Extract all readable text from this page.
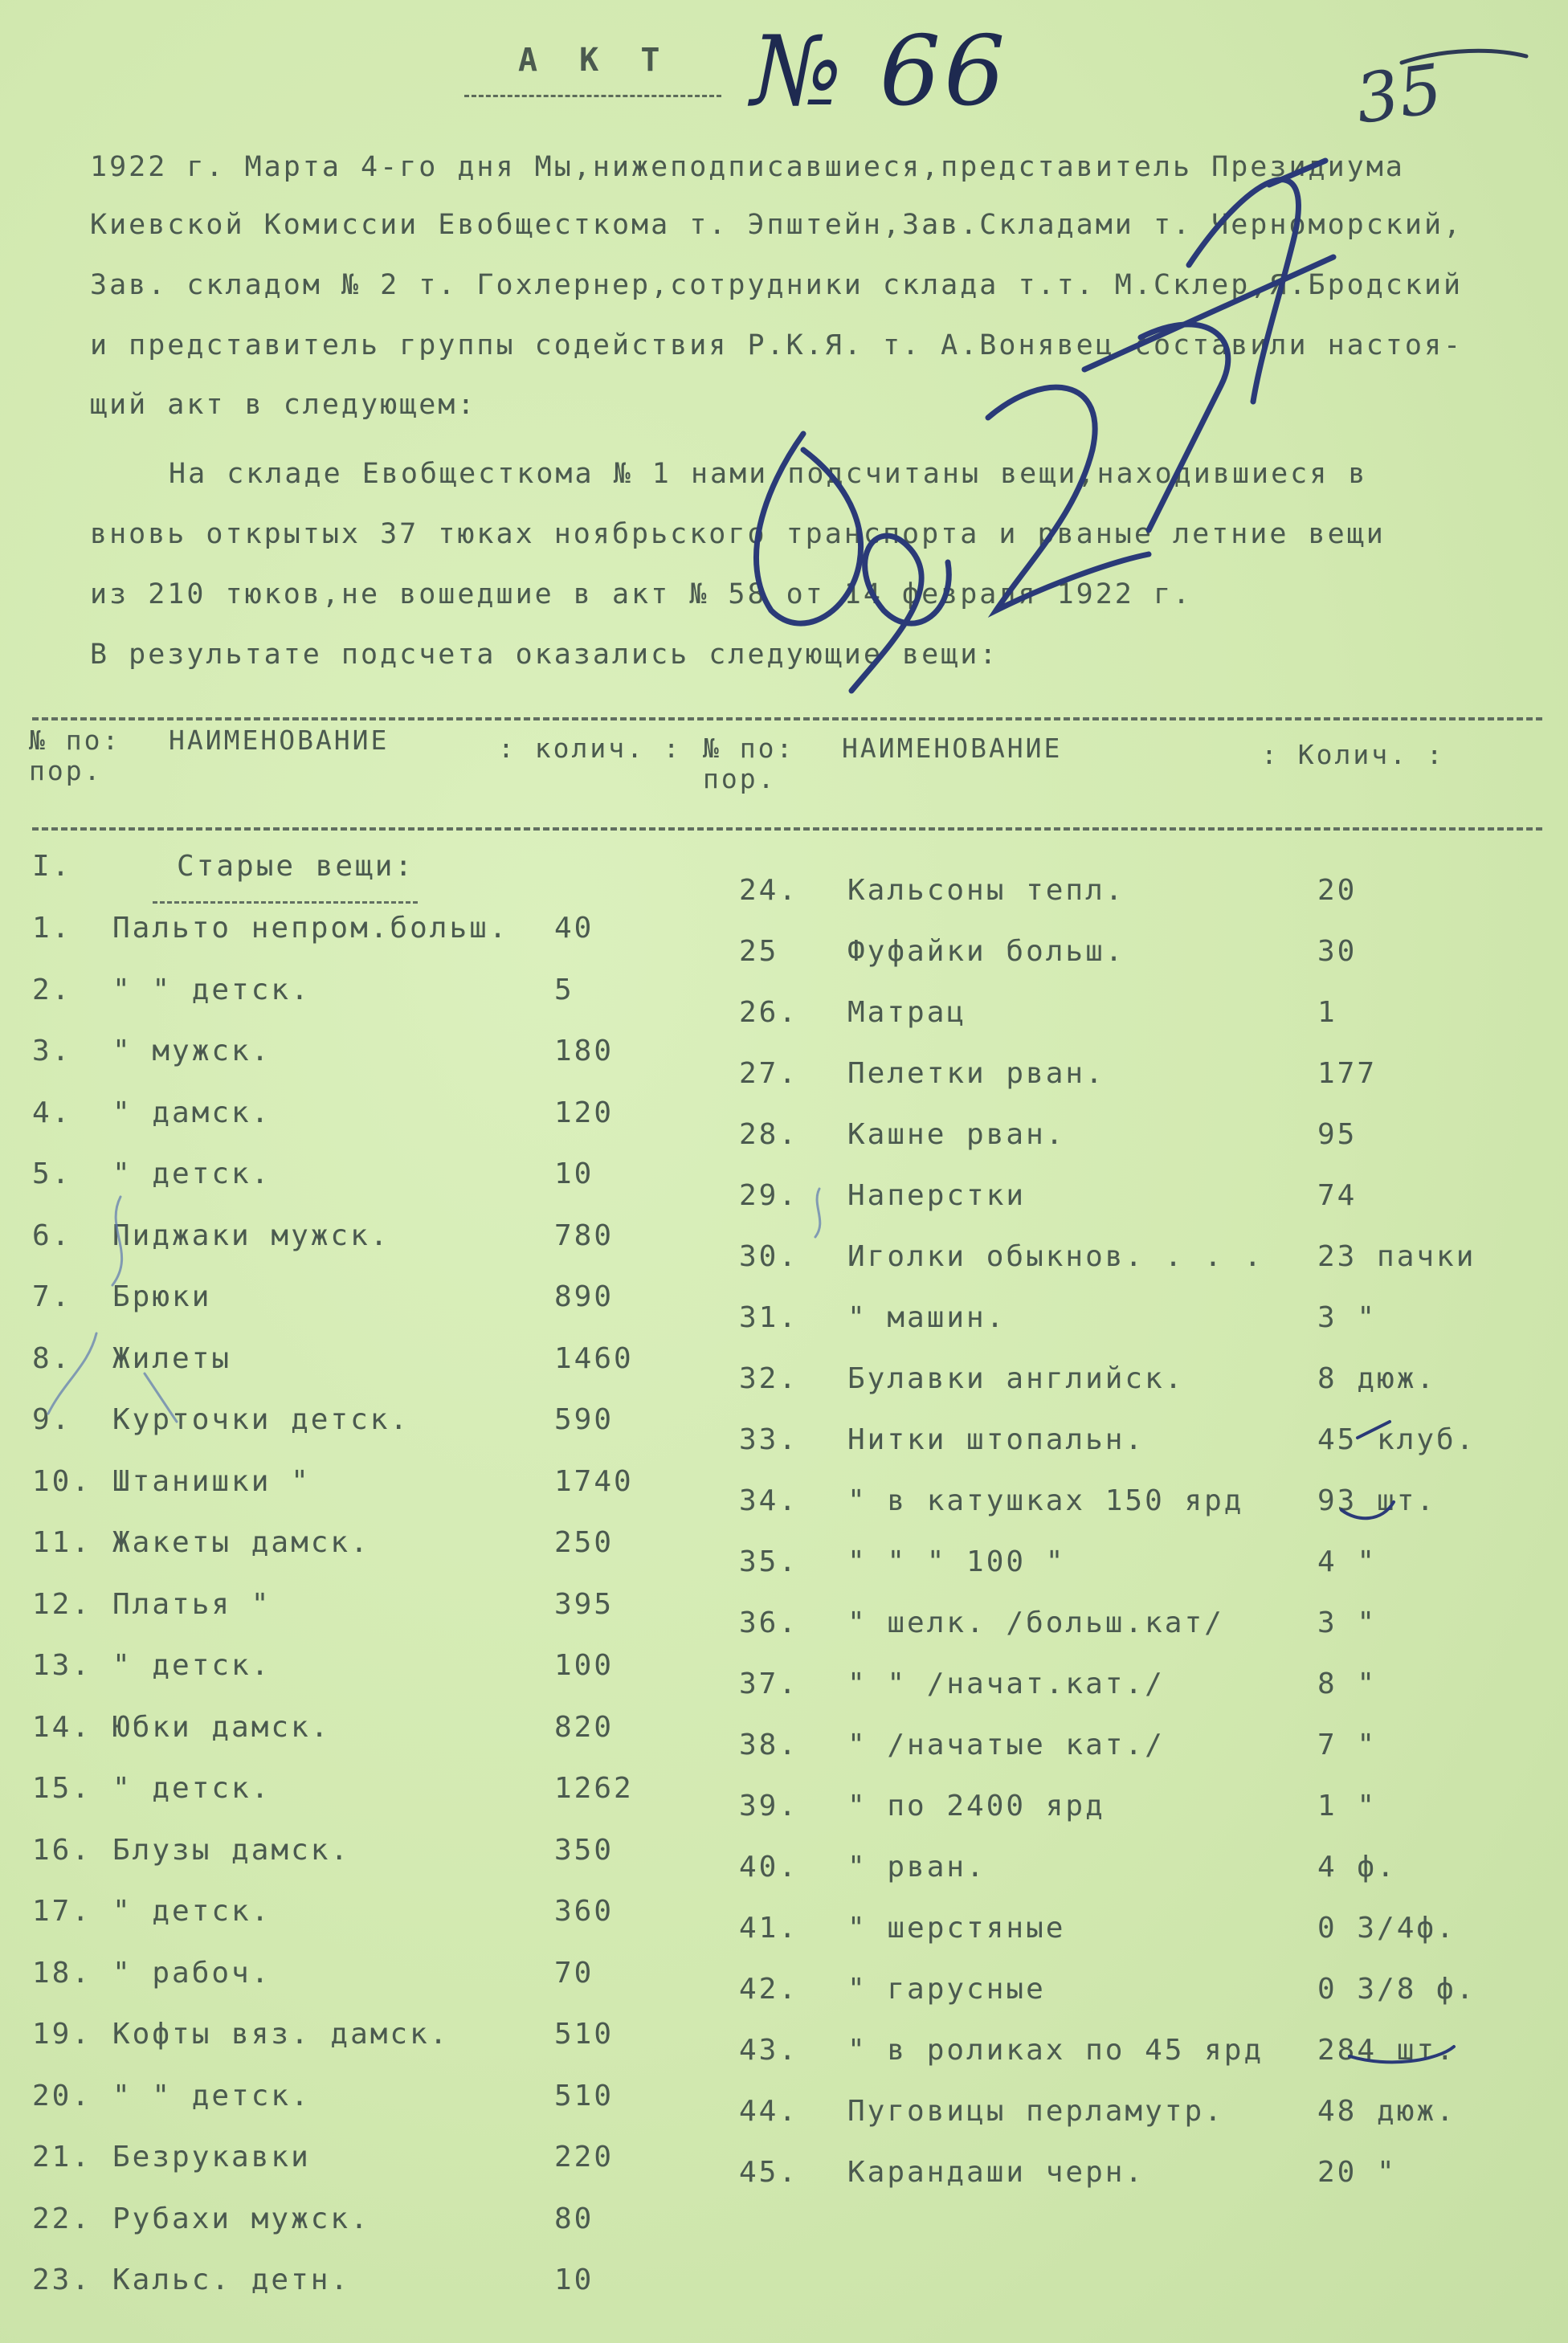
А К Т № 66	35
1922 г. Марта 4-го дня Мы,нижеподписавшиеся,представитель Президиума
Киевской Комиссии Евобщесткома т. Эпштейн,Зав.Складами т. Черноморский,
Зав. складом № 2 т. Гохлернер,сотрудники склада т.т. М.Склер,Я.Бродский
и представитель группы содействия Р.К.Я. т. А.Вонявец составили настоя-
щий акт в следующем:
На складе Евобщесткома № 1 нами подсчитаны вещи,находившиеся в
вновь открытых 37 тюках ноябрьского транспорта и рваные летние вещи
из 210 тюков,не вошедшие в акт № 58 от 14 февраля 1922 г.
В результате подсчета оказались следующие вещи:
№ по:
пор.
НАИМЕНОВАНИЕ	: колич. : № по:
пор.
НАИМЕНОВАНИЕ	: Колич. :
I.	Старые вещи:
1. Пальто непром.больш. 40
2. " " детск.	5
3. " мужск.	180
4. " дамск.	120
5. " детск.	10
6. Пиджаки мужск.	780
7. Брюки	890
8. Жилеты	1460
9. Курточки детск.	590
10. Штанишки "	1740
11. Жакеты дамск.	250
12. Платья "	395
13. " детск.	100
14. Юбки дамск.	820
15. " детск.	1262
16. Блузы дамск.	350
17. " детск.	360
18. " рабоч.	70
19. Кофты вяз. дамск.	510
20. " " детск.	510
21. Безрукавки	220
22. Рубахи мужск.	80
23. Кальс. детн.	10
24. Кальсоны тепл.	20
25 Фуфайки больш.	30
26. Матрац	1
27. Пелетки рван.	177
28. Кашне рван.	95
29. Наперстки	74
30. Иголки обыкнов. . . . 23 пачки
31. " машин.	3 "
32. Булавки английск.	8 дюж.
33. Нитки штопальн.	45 клуб.
34. " в катушках 150 ярд	93 шт.
35. " " " 100 "	4 "
36. " шелк. /больш.кат/	3 "
37. " " /начат.кат./	8 "
38. " /начатые кат./	7 "
39. " по 2400 ярд	1 "
40. " рван.	4 ф.
41. " шерстяные	0 3/4ф.
42. " гарусные	0 3/8 ф.
43. " в роликах по 45 ярд 284 шт.
44. Пуговицы перламутр.	48 дюж.
45. Карандаши черн.	20 "
